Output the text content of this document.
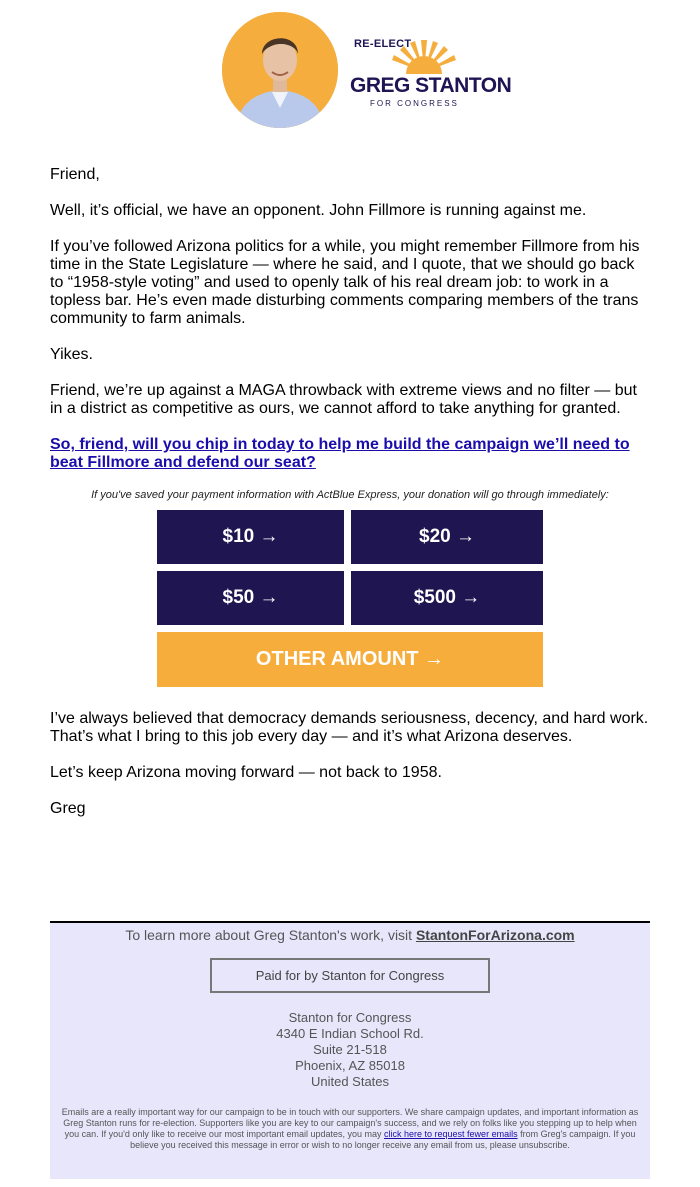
RE-ELECT
GREG STANTON
FOR CONGRESS

Friend,

Well, it’s official, we have an opponent. John Fillmore is running against me.

If you’ve followed Arizona politics for a while, you might remember Fillmore from his time in the State Legislature — where he said, and I quote, that we should go back to “1958-style voting” and used to openly talk of his real dream job: to work in a topless bar. He’s even made disturbing comments comparing members of the trans community to farm animals.

Yikes.

Friend, we’re up against a MAGA throwback with extreme views and no filter — but in a district as competitive as ours, we cannot afford to take anything for granted.

So, friend, will you chip in today to help me build the campaign we’ll need to beat Fillmore and defend our seat?
If you've saved your payment information with ActBlue Express, your donation will go through immediately:
$10 →	$20 →
$50 →	$500 →
OTHER AMOUNT →

I’ve always believed that democracy demands seriousness, decency, and hard work. That’s what I bring to this job every day — and it’s what Arizona deserves.

Let’s keep Arizona moving forward — not back to 1958.

Greg

To learn more about Greg Stanton's work, visit StantonForArizona.com
Paid for by Stanton for Congress
Stanton for Congress
4340 E Indian School Rd.
Suite 21-518
Phoenix, AZ 85018
United States
Emails are a really important way for our campaign to be in touch with our supporters. We share campaign updates, and important information as Greg Stanton runs for re-election. Supporters like you are key to our campaign's success, and we rely on folks like you stepping up to help when you can. If you'd only like to receive our most important email updates, you may click here to request fewer emails from Greg's campaign. If you believe you received this message in error or wish to no longer receive any email from us, please unsubscribe.
